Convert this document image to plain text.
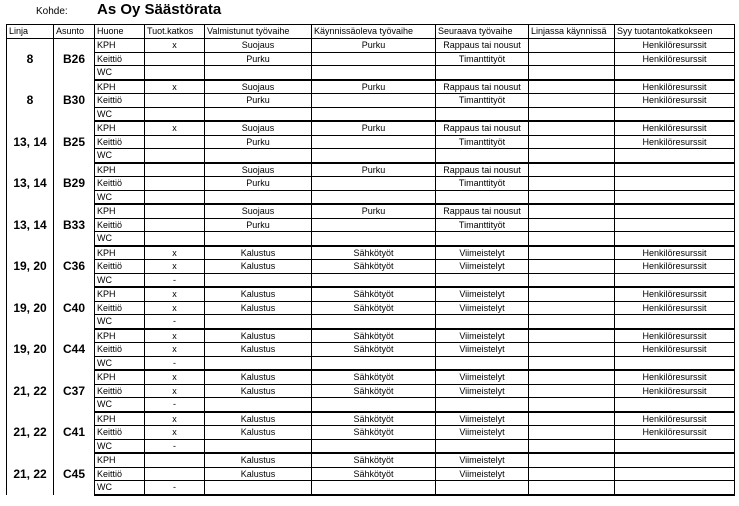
Kohde: As Oy Säästörata
Linja	Asunto	Huone	Tuot.katkos	Valmistunut työvaihe	Käynnissäoleva työvaihe	Seuraava työvaihe	Linjassa käynnissä	Syy tuotantokatkokseen
8	B26	KPH	x	Suojaus	Purku	Rappaus tai nousut		Henkilöresurssit
		Keittiö		Purku		Timanttityöt		Henkilöresurssit
		WC						
8	B30	KPH	x	Suojaus	Purku	Rappaus tai nousut		Henkilöresurssit
		Keittiö		Purku		Timanttityöt		Henkilöresurssit
		WC						
13, 14	B25	KPH	x	Suojaus	Purku	Rappaus tai nousut		Henkilöresurssit
		Keittiö		Purku		Timanttityöt		Henkilöresurssit
		WC						
13, 14	B29	KPH		Suojaus	Purku	Rappaus tai nousut		
		Keittiö		Purku		Timanttityöt		
		WC						
13, 14	B33	KPH		Suojaus	Purku	Rappaus tai nousut		
		Keittiö		Purku		Timanttityöt		
		WC						
19, 20	C36	KPH	x	Kalustus	Sähkötyöt	Viimeistelyt		Henkilöresurssit
		Keittiö	x	Kalustus	Sähkötyöt	Viimeistelyt		Henkilöresurssit
		WC	-					
19, 20	C40	KPH	x	Kalustus	Sähkötyöt	Viimeistelyt		Henkilöresurssit
		Keittiö	x	Kalustus	Sähkötyöt	Viimeistelyt		Henkilöresurssit
		WC	-					
19, 20	C44	KPH	x	Kalustus	Sähkötyöt	Viimeistelyt		Henkilöresurssit
		Keittiö	x	Kalustus	Sähkötyöt	Viimeistelyt		Henkilöresurssit
		WC	-					
21, 22	C37	KPH	x	Kalustus	Sähkötyöt	Viimeistelyt		Henkilöresurssit
		Keittiö	x	Kalustus	Sähkötyöt	Viimeistelyt		Henkilöresurssit
		WC	-					
21, 22	C41	KPH	x	Kalustus	Sähkötyöt	Viimeistelyt		Henkilöresurssit
		Keittiö	x	Kalustus	Sähkötyöt	Viimeistelyt		Henkilöresurssit
		WC	-					
21, 22	C45	KPH		Kalustus	Sähkötyöt	Viimeistelyt		
		Keittiö		Kalustus	Sähkötyöt	Viimeistelyt		
		WC	-					
